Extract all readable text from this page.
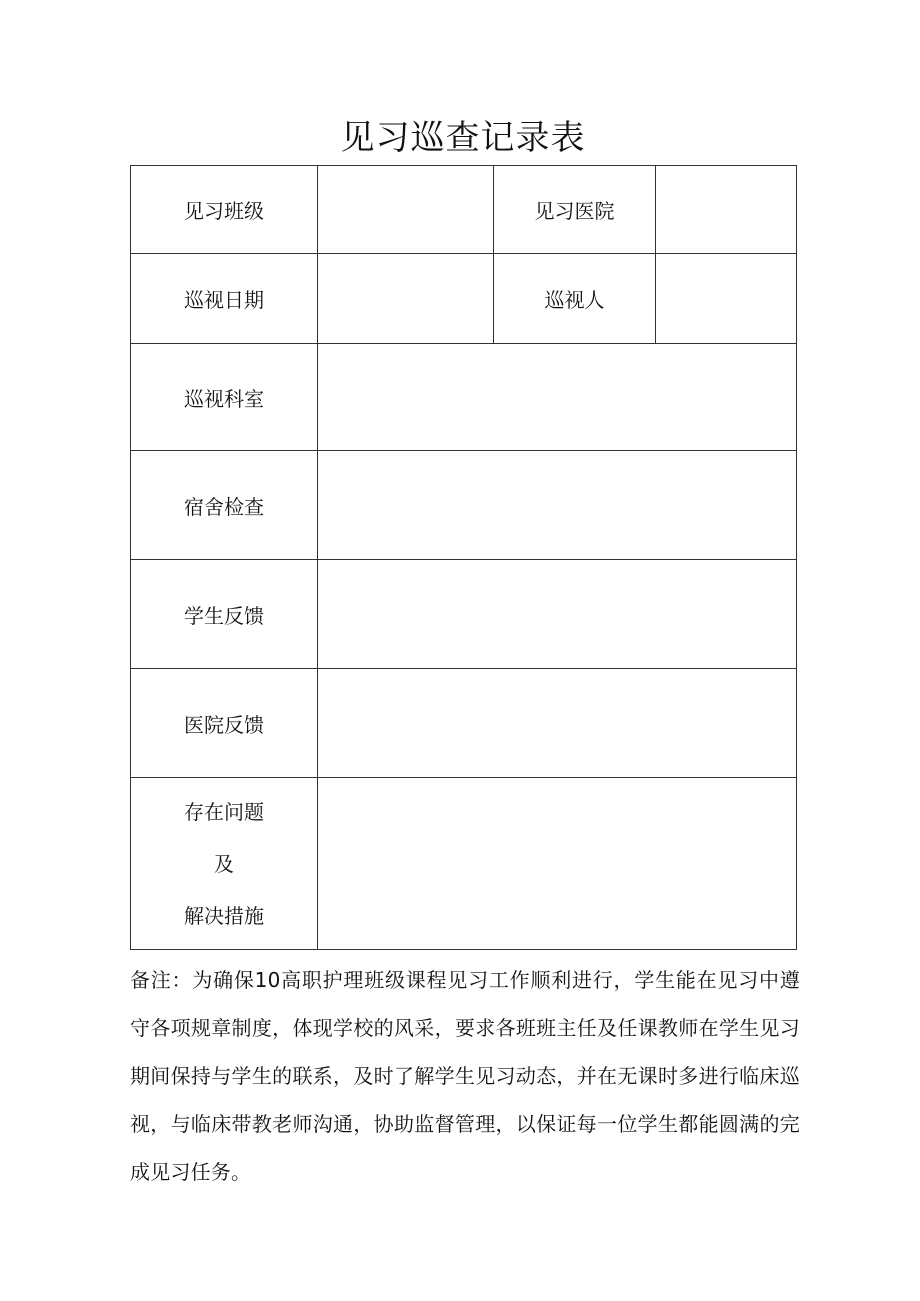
见习巡查记录表
见习班级		见习医院	
巡视日期		巡视人	
巡视科室			
宿舍检查			
学生反馈			
医院反馈			

存在问题
及
解决措施			

备注：为确保10高职护理班级课程见习工作顺利进行，学生能在见习中遵守各项规章制度，体现学校的风采，要求各班班主任及任课教师在学生见习期间保持与学生的联系，及时了解学生见习动态，并在无课时多进行临床巡视，与临床带教老师沟通，协助监督管理，以保证每一位学生都能圆满的完成见习任务。
